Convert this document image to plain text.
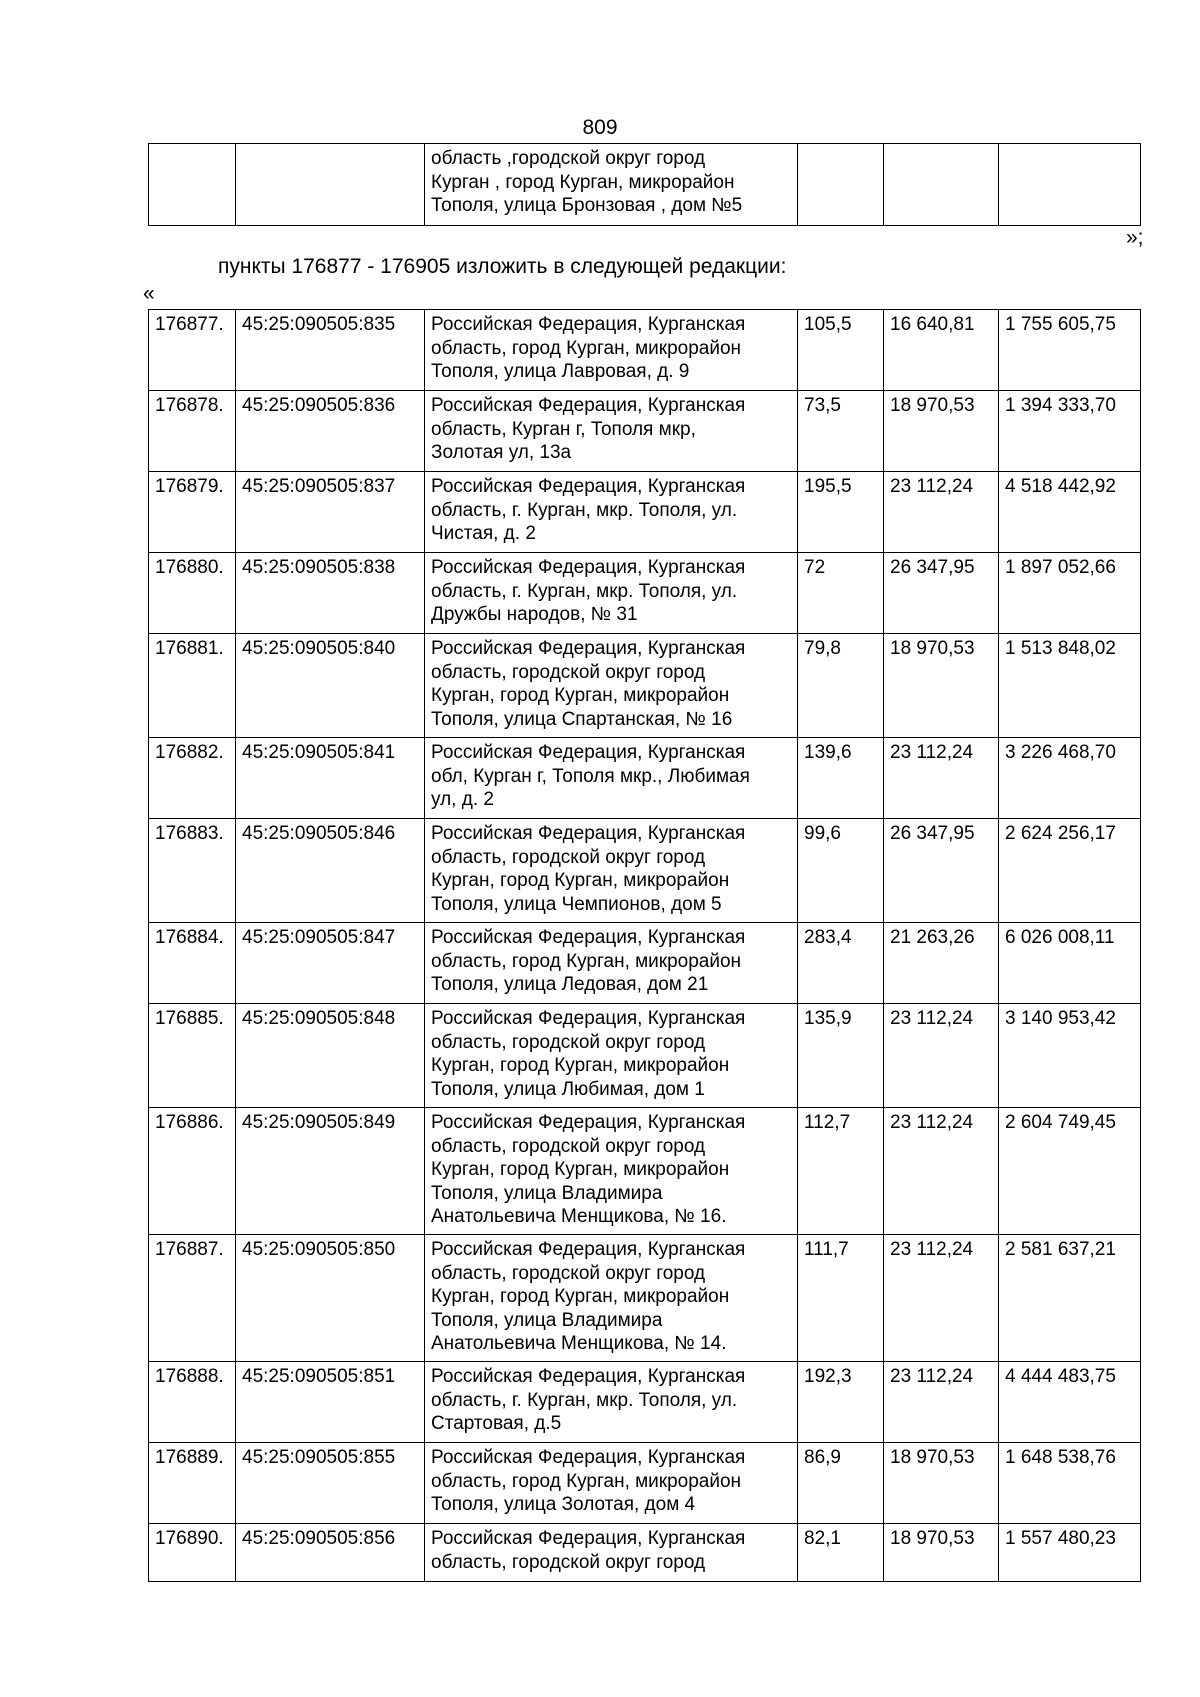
809
		область ,городской округ город
Курган , город Курган, микрорайон
Тополя, улица Бронзовая , дом №5			
»;
пункты 176877 - 176905 изложить в следующей редакции:
«
176877.	45:25:090505:835	Российская Федерация, Курганская
область, город Курган, микрорайон
Тополя, улица Лавровая, д. 9	105,5	16 640,81	1 755 605,75
176878.	45:25:090505:836	Российская Федерация, Курганская
область, Курган г, Тополя мкр,
Золотая ул, 13а	73,5	18 970,53	1 394 333,70
176879.	45:25:090505:837	Российская Федерация, Курганская
область, г. Курган, мкр. Тополя, ул.
Чистая, д. 2	195,5	23 112,24	4 518 442,92
176880.	45:25:090505:838	Российская Федерация, Курганская
область, г. Курган, мкр. Тополя, ул.
Дружбы народов, № 31	72	26 347,95	1 897 052,66
176881.	45:25:090505:840	Российская Федерация, Курганская
область, городской округ город
Курган, город Курган, микрорайон
Тополя, улица Спартанская, № 16	79,8	18 970,53	1 513 848,02
176882.	45:25:090505:841	Российская Федерация, Курганская
обл, Курган г, Тополя мкр., Любимая
ул, д. 2	139,6	23 112,24	3 226 468,70
176883.	45:25:090505:846	Российская Федерация, Курганская
область, городской округ город
Курган, город Курган, микрорайон
Тополя, улица Чемпионов, дом 5	99,6	26 347,95	2 624 256,17
176884.	45:25:090505:847	Российская Федерация, Курганская
область, город Курган, микрорайон
Тополя, улица Ледовая, дом 21	283,4	21 263,26	6 026 008,11
176885.	45:25:090505:848	Российская Федерация, Курганская
область, городской округ город
Курган, город Курган, микрорайон
Тополя, улица Любимая, дом 1	135,9	23 112,24	3 140 953,42
176886.	45:25:090505:849	Российская Федерация, Курганская
область, городской округ город
Курган, город Курган, микрорайон
Тополя, улица Владимира
Анатольевича Менщикова, № 16.	112,7	23 112,24	2 604 749,45
176887.	45:25:090505:850	Российская Федерация, Курганская
область, городской округ город
Курган, город Курган, микрорайон
Тополя, улица Владимира
Анатольевича Менщикова, № 14.	111,7	23 112,24	2 581 637,21
176888.	45:25:090505:851	Российская Федерация, Курганская
область, г. Курган, мкр. Тополя, ул.
Стартовая, д.5	192,3	23 112,24	4 444 483,75
176889.	45:25:090505:855	Российская Федерация, Курганская
область, город Курган, микрорайон
Тополя, улица Золотая, дом 4	86,9	18 970,53	1 648 538,76
176890.	45:25:090505:856	Российская Федерация, Курганская
область, городской округ город	82,1	18 970,53	1 557 480,23
